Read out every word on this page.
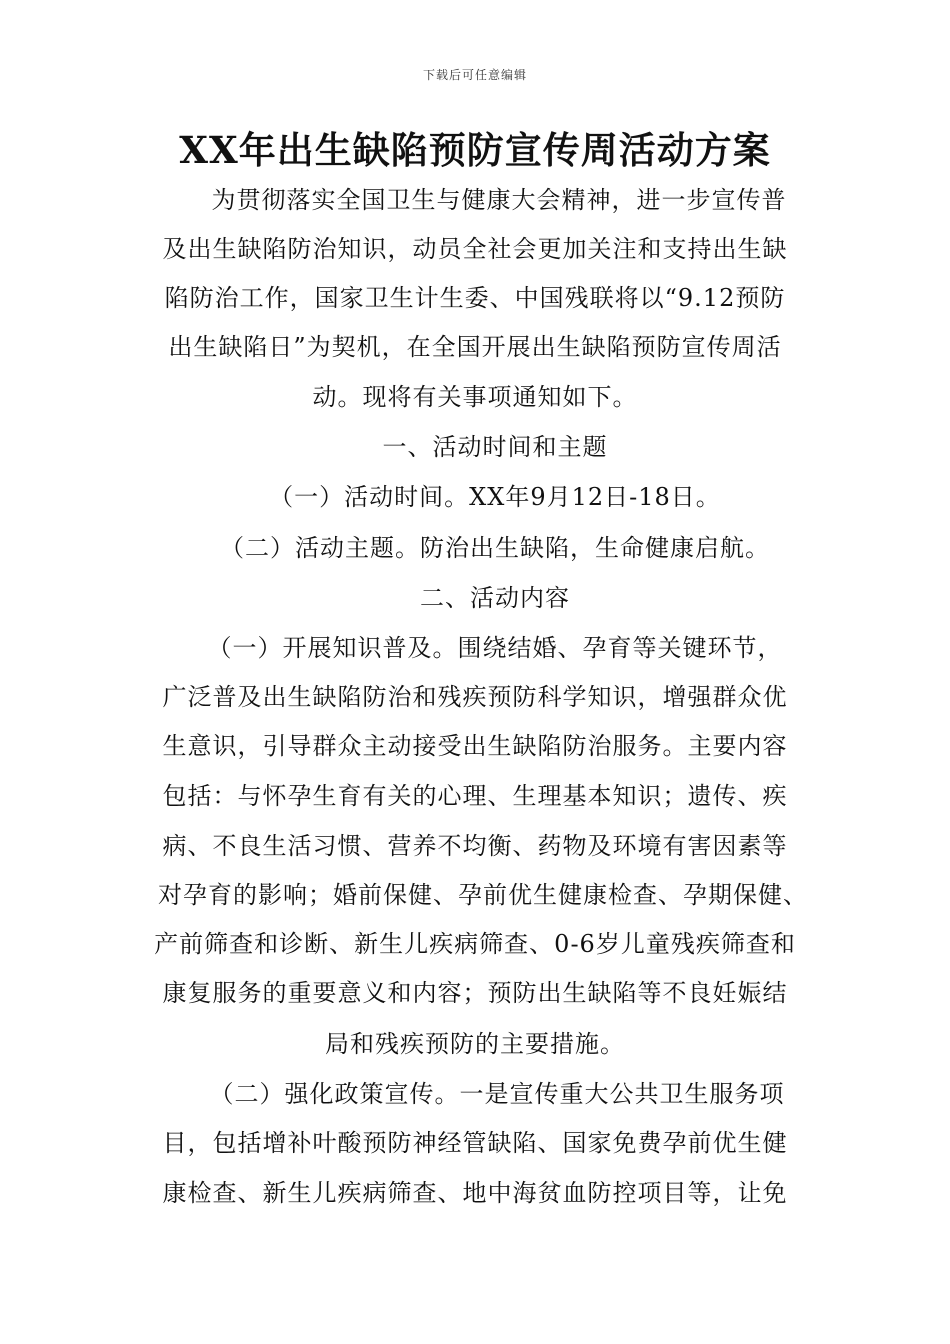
下载后可任意编辑
XX年出生缺陷预防宣传周活动方案
为贯彻落实全国卫生与健康大会精神，进一步宣传普
及出生缺陷防治知识，动员全社会更加关注和支持出生缺
陷防治工作，国家卫生计生委、中国残联将以“9.12预防
出生缺陷日”为契机，在全国开展出生缺陷预防宣传周活
动。现将有关事项通知如下。
一、活动时间和主题
（一）活动时间。XX年9月12日-18日。
（二）活动主题。防治出生缺陷，生命健康启航。
二、活动内容
（一）开展知识普及。围绕结婚、孕育等关键环节，
广泛普及出生缺陷防治和残疾预防科学知识，增强群众优
生意识，引导群众主动接受出生缺陷防治服务。主要内容
包括：与怀孕生育有关的心理、生理基本知识；遗传、疾
病、不良生活习惯、营养不均衡、药物及环境有害因素等
对孕育的影响；婚前保健、孕前优生健康检查、孕期保健、
产前筛查和诊断、新生儿疾病筛查、0-6岁儿童残疾筛查和
康复服务的重要意义和内容；预防出生缺陷等不良妊娠结
局和残疾预防的主要措施。
（二）强化政策宣传。一是宣传重大公共卫生服务项
目，包括增补叶酸预防神经管缺陷、国家免费孕前优生健
康检查、新生儿疾病筛查、地中海贫血防控项目等，让免
